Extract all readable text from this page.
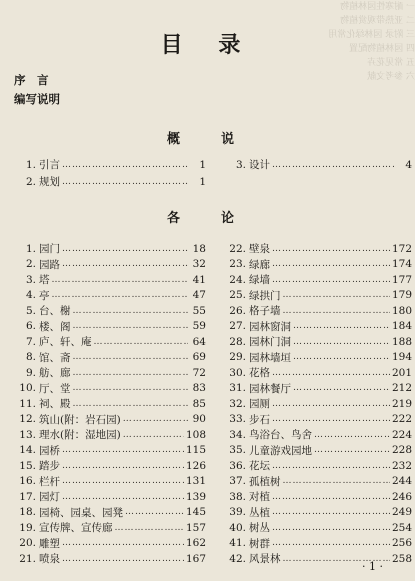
一 耐寒性园林植物
二 亚热带观赏植物
三 附录 园林绿化常用
四 园林植物配置
五 常见花卉
六 参考文献
目 录
序　言
编写说明
概　说
1. 引言 ……………………………………………………………………………………………………	1
2. 规划 ……………………………………………………………………………………………………	1
3. 设计 ……………………………………………………………………………………………………	4
各　论
1. 园门 ……………………………………………………………………………………………………	18
2. 园路 ……………………………………………………………………………………………………	32
3. 塔 ……………………………………………………………………………………………………	41
4. 亭 ……………………………………………………………………………………………………	47
5. 台、榭 ……………………………………………………………………………………………………	55
6. 楼、阁 ……………………………………………………………………………………………………	59
7. 庐、轩、庵 ……………………………………………………………………………………………………	64
8. 馆、斋 ……………………………………………………………………………………………………	69
9. 舫、廊 ……………………………………………………………………………………………………	72
10. 厅、堂 ……………………………………………………………………………………………………	83
11. 祠、殿 ……………………………………………………………………………………………………	85
12. 筑山(附：岩石园) ……………………………………………………………………………………………………	90
13. 理水(附：湿地园) ……………………………………………………………………………………………………	108
14. 园桥 ……………………………………………………………………………………………………	115
15. 踏步 ……………………………………………………………………………………………………	126
16. 栏杆 ……………………………………………………………………………………………………	131
17. 园灯 ……………………………………………………………………………………………………	139
18. 园椅、园桌、园凳 ……………………………………………………………………………………………………	145
19. 宣传牌、宣传廊 ……………………………………………………………………………………………………	157
20. 雕塑 ……………………………………………………………………………………………………	162
21. 喷泉 ……………………………………………………………………………………………………	167
22. 壁泉 ……………………………………………………………………………………………………	172
23. 绿廊 ……………………………………………………………………………………………………	174
24. 绿墙 ……………………………………………………………………………………………………	177
25. 绿拱门 ……………………………………………………………………………………………………	179
26. 格子墙 ……………………………………………………………………………………………………	180
27. 园林窗洞 ……………………………………………………………………………………………………	184
28. 园林门洞 ……………………………………………………………………………………………………	188
29. 园林墙垣 ……………………………………………………………………………………………………	194
30. 花格 ……………………………………………………………………………………………………	201
31. 园林餐厅 ……………………………………………………………………………………………………	212
32. 园厕 ……………………………………………………………………………………………………	219
33. 步石 ……………………………………………………………………………………………………	222
34. 鸟浴台、鸟舍 ……………………………………………………………………………………………………	224
35. 儿童游戏园地 ……………………………………………………………………………………………………	228
36. 花坛 ……………………………………………………………………………………………………	232
37. 孤植树 ……………………………………………………………………………………………………	244
38. 对植 ……………………………………………………………………………………………………	246
39. 丛植 ……………………………………………………………………………………………………	249
40. 树丛 ……………………………………………………………………………………………………	254
41. 树群 ……………………………………………………………………………………………………	256
42. 风景林 ……………………………………………………………………………………………………	258
· 1 ·
